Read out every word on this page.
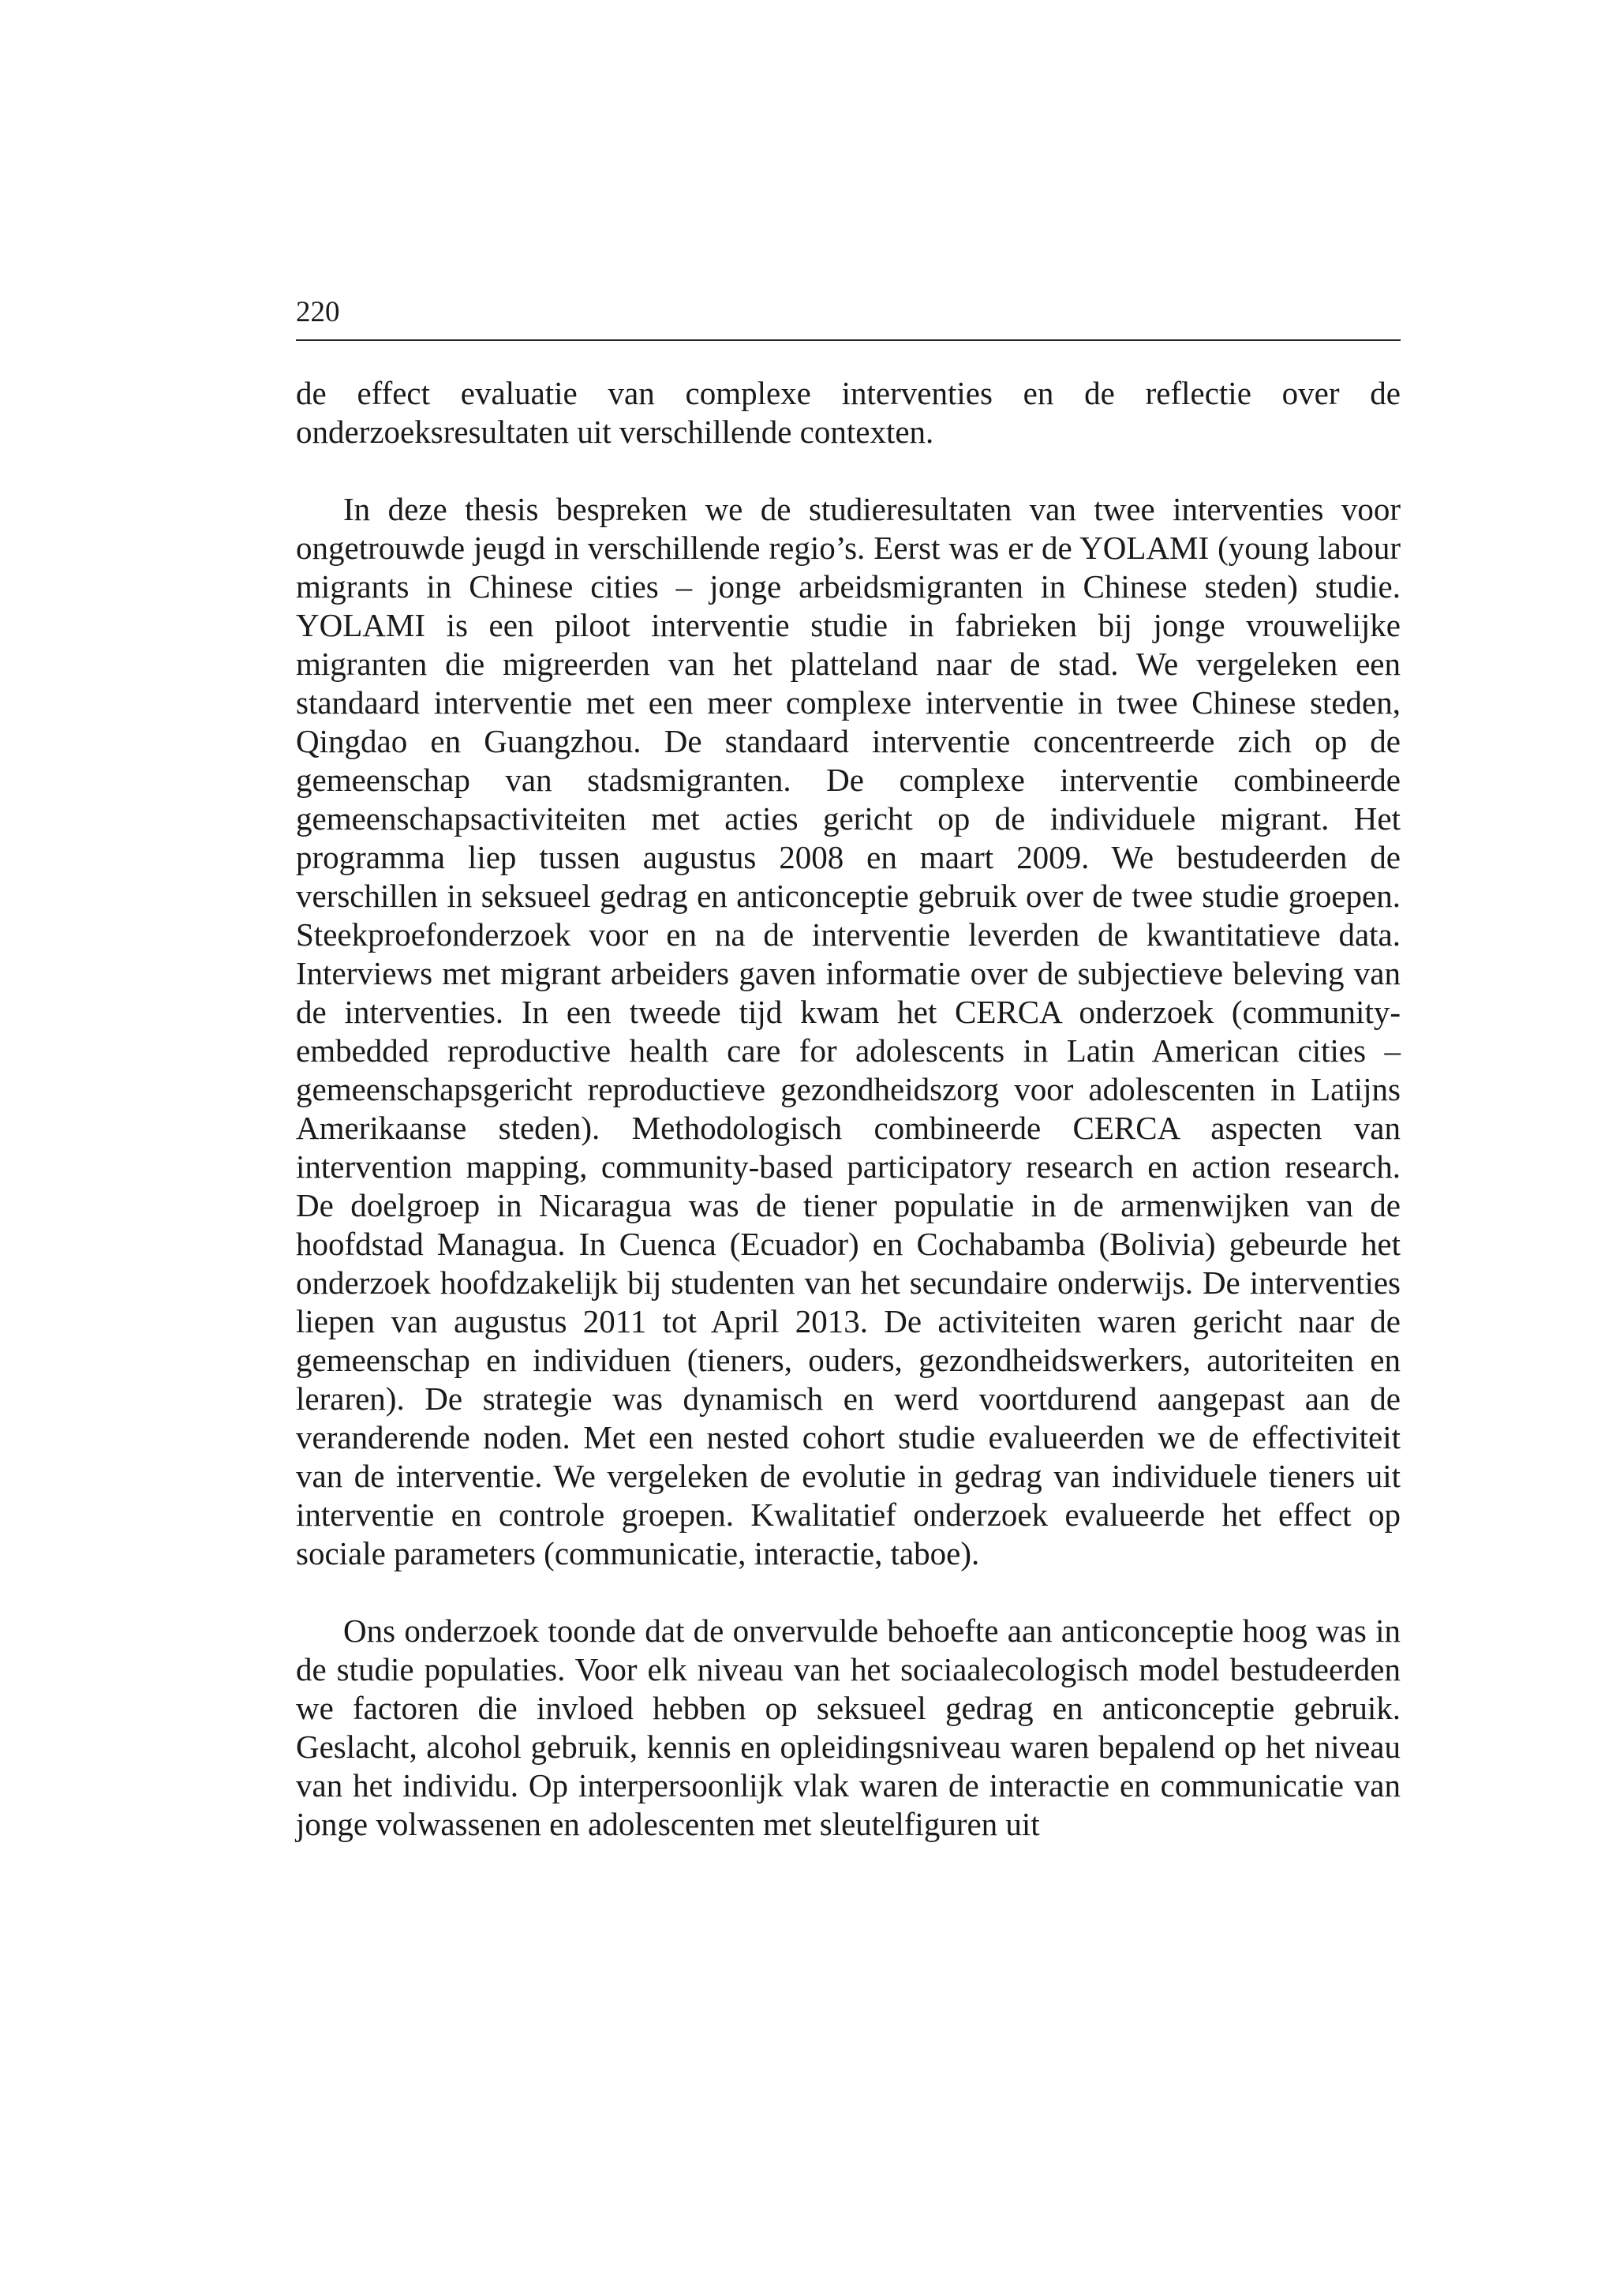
220

de effect evaluatie van complexe interventies en de reflectie over de onderzoeksresultaten uit verschillende contexten.

In deze thesis bespreken we de studieresultaten van twee interventies voor ongetrouwde jeugd in verschillende regio’s. Eerst was er de YOLAMI (young labour migrants in Chinese cities – jonge arbeidsmigranten in Chinese steden) studie. YOLAMI is een piloot interventie studie in fabrieken bij jonge vrouwelijke migranten die migreerden van het platteland naar de stad. We vergeleken een standaard interventie met een meer complexe interventie in twee Chinese steden, Qingdao en Guangzhou. De standaard interventie concentreerde zich op de gemeenschap van stadsmigranten. De complexe interventie combineerde gemeenschapsactiviteiten met acties gericht op de individuele migrant. Het programma liep tussen augustus 2008 en maart 2009. We bestudeerden de verschillen in seksueel gedrag en anticonceptie gebruik over de twee studie groepen. Steekproefonderzoek voor en na de interventie leverden de kwantitatieve data. Interviews met migrant arbeiders gaven informatie over de subjectieve beleving van de interventies. In een tweede tijd kwam het CERCA onderzoek (community-embedded reproductive health care for adolescents in Latin American cities – gemeenschapsgericht reproductieve gezondheidszorg voor adolescenten in Latijns Amerikaanse steden). Methodologisch combineerde CERCA aspecten van intervention mapping, community-based participatory research en action research. De doelgroep in Nicaragua was de tiener populatie in de armenwijken van de hoofdstad Managua. In Cuenca (Ecuador) en Cochabamba (Bolivia) gebeurde het onderzoek hoofdzakelijk bij studenten van het secundaire onderwijs. De interventies liepen van augustus 2011 tot April 2013. De activiteiten waren gericht naar de gemeenschap en individuen (tieners, ouders, gezondheidswerkers, autoriteiten en leraren). De strategie was dynamisch en werd voortdurend aangepast aan de veranderende noden. Met een nested cohort studie evalueerden we de effectiviteit van de interventie. We vergeleken de evolutie in gedrag van individuele tieners uit interventie en controle groepen. Kwalitatief onderzoek evalueerde het effect op sociale parameters (communicatie, interactie, taboe).

Ons onderzoek toonde dat de onvervulde behoefte aan anticonceptie hoog was in de studie populaties. Voor elk niveau van het sociaalecologisch model bestudeerden we factoren die invloed hebben op seksueel gedrag en anticonceptie gebruik. Geslacht, alcohol gebruik, kennis en opleidingsniveau waren bepalend op het niveau van het individu. Op interpersoonlijk vlak waren de interactie en communicatie van jonge volwassenen en adolescenten met sleutelfiguren uit
